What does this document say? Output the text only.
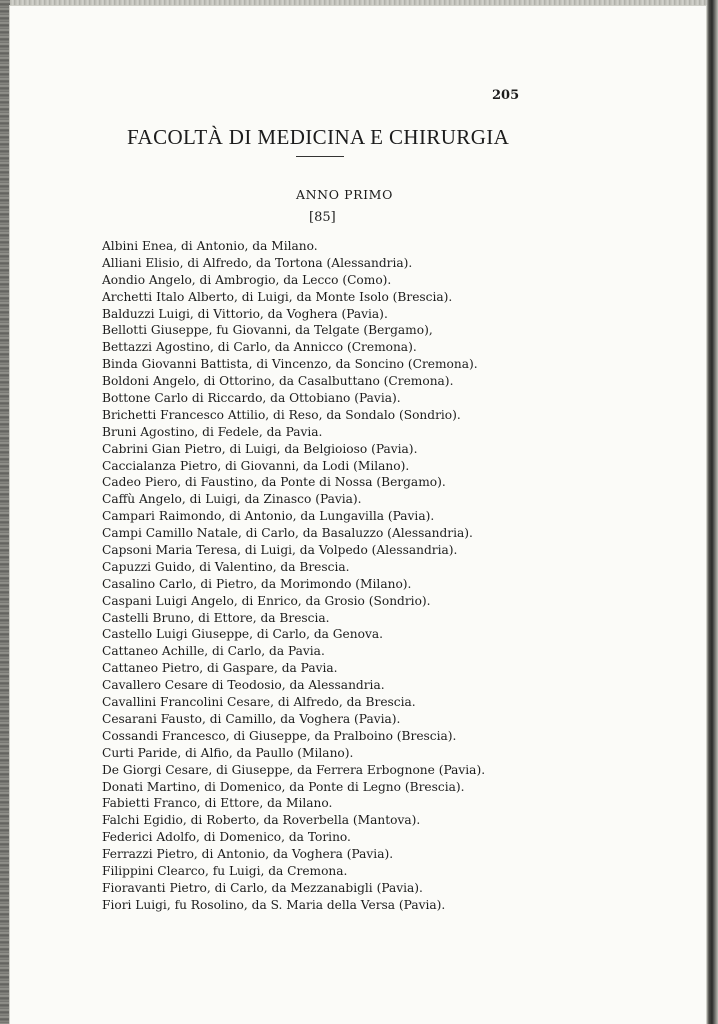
205
FACOLTÀ DI MEDICINA E CHIRURGIA
ANNO PRIMO
[85]
Albini Enea, di Antonio, da Milano.
Alliani Elisio, di Alfredo, da Tortona (Alessandria).
Aondio Angelo, di Ambrogio, da Lecco (Como).
Archetti Italo Alberto, di Luigi, da Monte Isolo (Brescia).
Balduzzi Luigi, di Vittorio, da Voghera (Pavia).
Bellotti Giuseppe, fu Giovanni, da Telgate (Bergamo),
Bettazzi Agostino, di Carlo, da Annicco (Cremona).
Binda Giovanni Battista, di Vincenzo, da Soncino (Cremona).
Boldoni Angelo, di Ottorino, da Casalbuttano (Cremona).
Bottone Carlo di Riccardo, da Ottobiano (Pavia).
Brichetti Francesco Attilio, di Reso, da Sondalo (Sondrio).
Bruni Agostino, di Fedele, da Pavia.
Cabrini Gian Pietro, di Luigi, da Belgioioso (Pavia).
Caccialanza Pietro, di Giovanni, da Lodi (Milano).
Cadeo Piero, di Faustino, da Ponte di Nossa (Bergamo).
Caffù Angelo, di Luigi, da Zinasco (Pavia).
Campari Raimondo, di Antonio, da Lungavilla (Pavia).
Campi Camillo Natale, di Carlo, da Basaluzzo (Alessandria).
Capsoni Maria Teresa, di Luigi, da Volpedo (Alessandria).
Capuzzi Guido, di Valentino, da Brescia.
Casalino Carlo, di Pietro, da Morimondo (Milano).
Caspani Luigi Angelo, di Enrico, da Grosio (Sondrio).
Castelli Bruno, di Ettore, da Brescia.
Castello Luigi Giuseppe, di Carlo, da Genova.
Cattaneo Achille, di Carlo, da Pavia.
Cattaneo Pietro, di Gaspare, da Pavia.
Cavallero Cesare di Teodosio, da Alessandria.
Cavallini Francolini Cesare, di Alfredo, da Brescia.
Cesarani Fausto, di Camillo, da Voghera (Pavia).
Cossandi Francesco, di Giuseppe, da Pralboino (Brescia).
Curti Paride, di Alfio, da Paullo (Milano).
De Giorgi Cesare, di Giuseppe, da Ferrera Erbognone (Pavia).
Donati Martino, di Domenico, da Ponte di Legno (Brescia).
Fabietti Franco, di Ettore, da Milano.
Falchi Egidio, di Roberto, da Roverbella (Mantova).
Federici Adolfo, di Domenico, da Torino.
Ferrazzi Pietro, di Antonio, da Voghera (Pavia).
Filippini Clearco, fu Luigi, da Cremona.
Fioravanti Pietro, di Carlo, da Mezzanabigli (Pavia).
Fiori Luigi, fu Rosolino, da S. Maria della Versa (Pavia).
